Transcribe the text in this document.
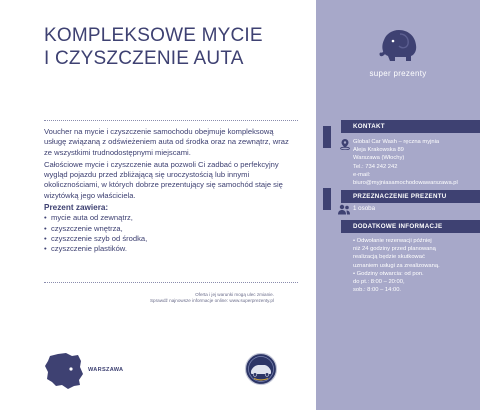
KOMPLEKSOWE MYCIE
I CZYSZCZENIE AUTA

Voucher na mycie i czyszczenie samochodu obejmuje kompleksową usługę związaną z odświeżeniem auta od środka oraz na zewnątrz, wraz ze wszystkimi trudnodostępnymi miejscami.

Całościowe mycie i czyszczenie auta pozwoli Ci zadbać o perfekcyjny wygląd pojazdu przed zbliżającą się uroczystością lub innymi okolicznościami, w których dobrze prezentujący się samochód staje się wizytówką jego właściciela.

Prezent zawiera:
• mycie auta od zewnątrz,
• czyszczenie wnętrza,
• czyszczenie szyb od środka,
• czyszczenie plastików.
Oferta i jej warunki mogą ulec zmianie.
Sprawdź najnowsze informacje online: www.superprezenty.pl
WARSZAWA
super prezenty
KONTAKT
Global Car Wash – ręczna myjnia
Aleja Krakowska 89
Warszawa (Włochy)
Tel.: 734 242 242
e-mail:
biuro@myjniasamochodowawarszawa.pl
PRZEZNACZENIE PREZENTU
1 osoba
DODATKOWE INFORMACJE
• Odwołanie rezerwacji później
niż 24 godziny przed planowaną
realizacją będzie skutkować
uznaniem usługi za zrealizowaną.
• Godziny otwarcia: od pon.
do pt.: 8:00 – 20:00,
sob.: 8:00 – 14:00.
